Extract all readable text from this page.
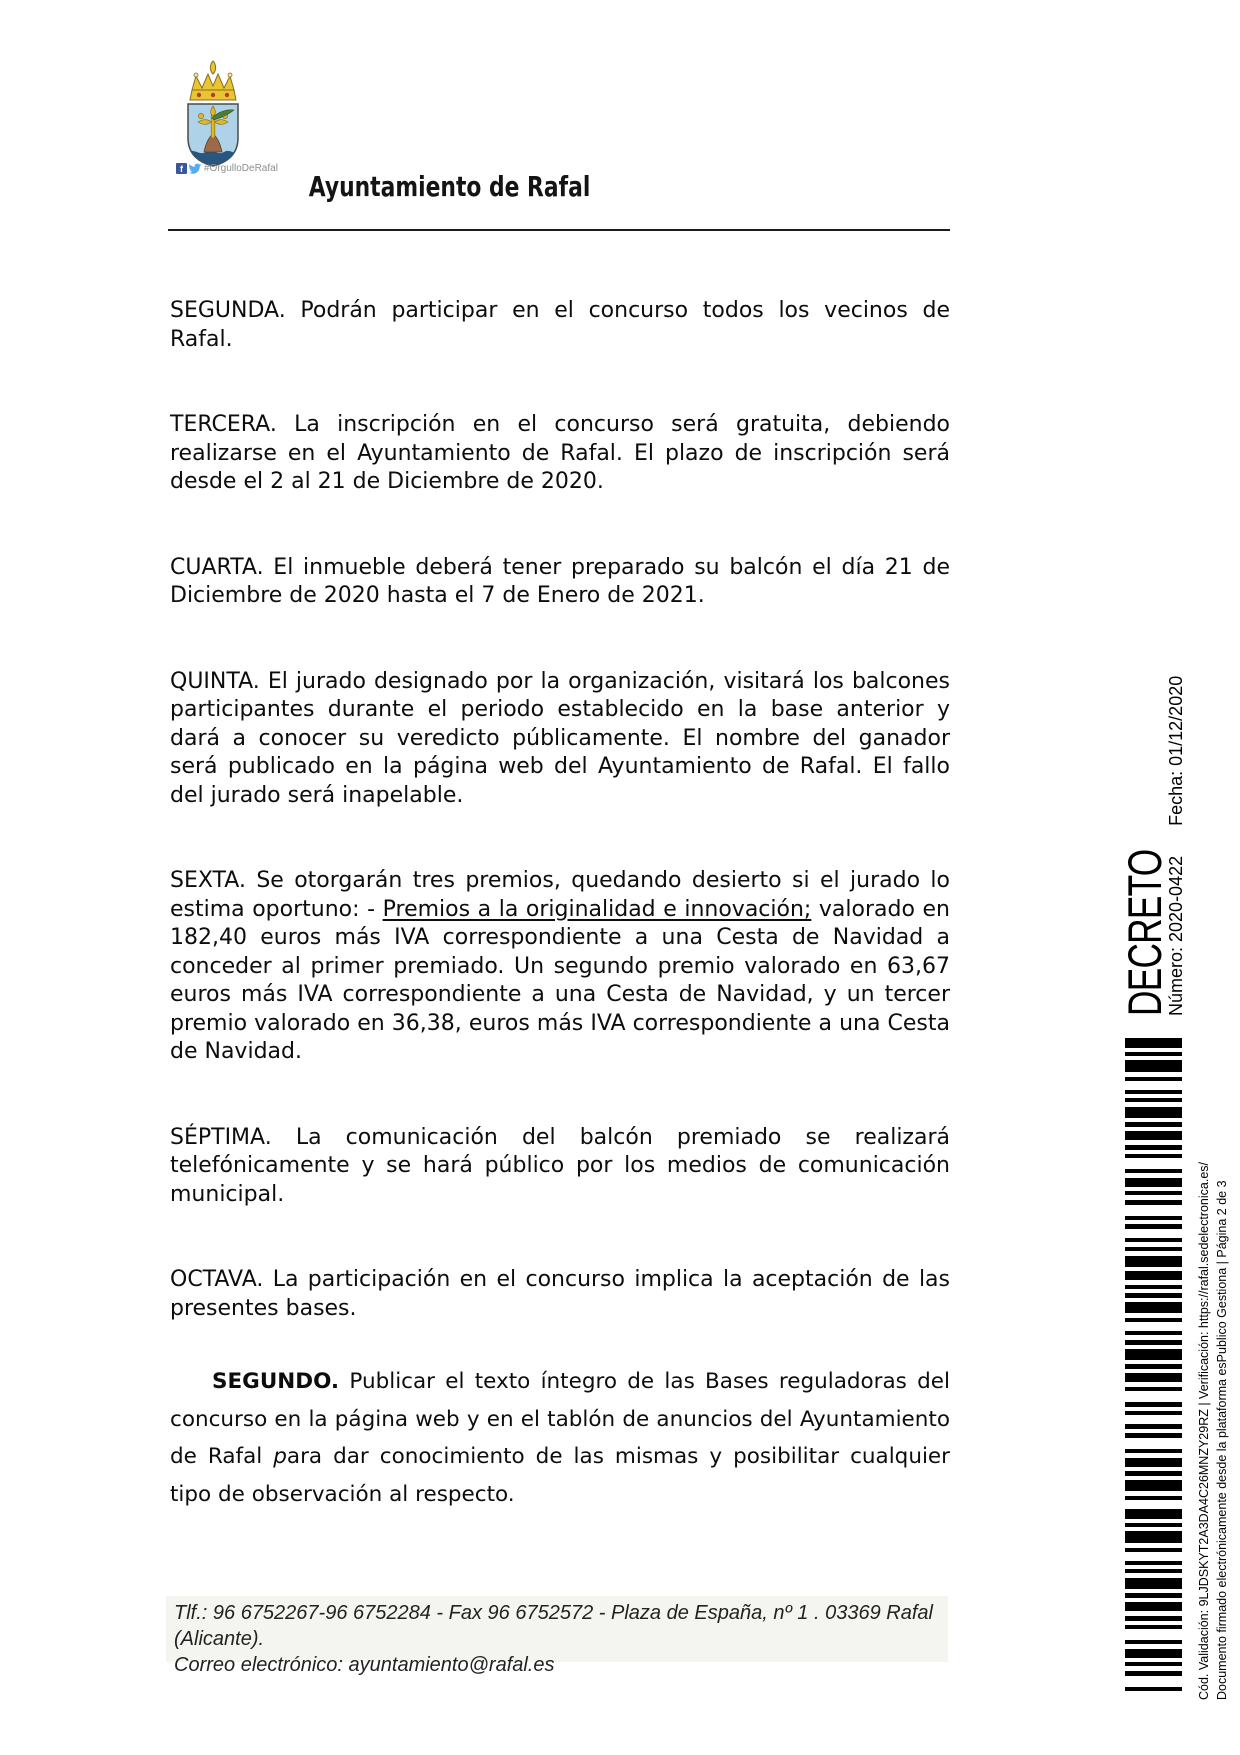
f	#OrgulloDeRafal
Ayuntamiento de Rafal

SEGUNDA. Podrán participar en el concurso todos los vecinos de Rafal.

TERCERA. La inscripción en el concurso será gratuita, debiendo realizarse en el Ayuntamiento de Rafal. El plazo de inscripción será desde el 2 al 21 de Diciembre de 2020.

CUARTA. El inmueble deberá tener preparado su balcón el día 21 de Diciembre de 2020 hasta el 7 de Enero de 2021.

QUINTA. El jurado designado por la organización, visitará los balcones participantes durante el periodo establecido en la base anterior y dará a conocer su veredicto públicamente. El nombre del ganador será publicado en la página web del Ayuntamiento de Rafal. El fallo del jurado será inapelable.

SEXTA. Se otorgarán tres premios, quedando desierto si el jurado lo estima oportuno: - Premios a la originalidad e innovación; valorado en 182,40 euros más IVA correspondiente a una Cesta de Navidad a conceder al primer premiado. Un segundo premio valorado en 63,67 euros más IVA correspondiente a una Cesta de Navidad, y un tercer premio valorado en 36,38, euros más IVA correspondiente a una Cesta de Navidad.

SÉPTIMA. La comunicación del balcón premiado se realizará telefónicamente y se hará público por los medios de comunicación municipal.

OCTAVA. La participación en el concurso implica la aceptación de las presentes bases.

SEGUNDO. Publicar el texto íntegro de las Bases reguladoras del concurso en la página web y en el tablón de anuncios del Ayuntamiento de Rafal para dar conocimiento de las mismas y posibilitar cualquier tipo de observación al respecto.

Tlf.: 96 6752267-96 6752284 - Fax 96 6752572 - Plaza de España, nº 1 . 03369 Rafal (Alicante).
Correo electrónico: ayuntamiento@rafal.es
DECRETO
Número: 2020-0422Fecha: 01/12/2020
Cód. Validación: 9LJDSKYT2A3DA4C26MNZY29RZ | Verificación: https://rafal.sedelectronica.es/ Documento firmado electrónicamente desde la plataforma esPublico Gestiona | Página 2 de 3
